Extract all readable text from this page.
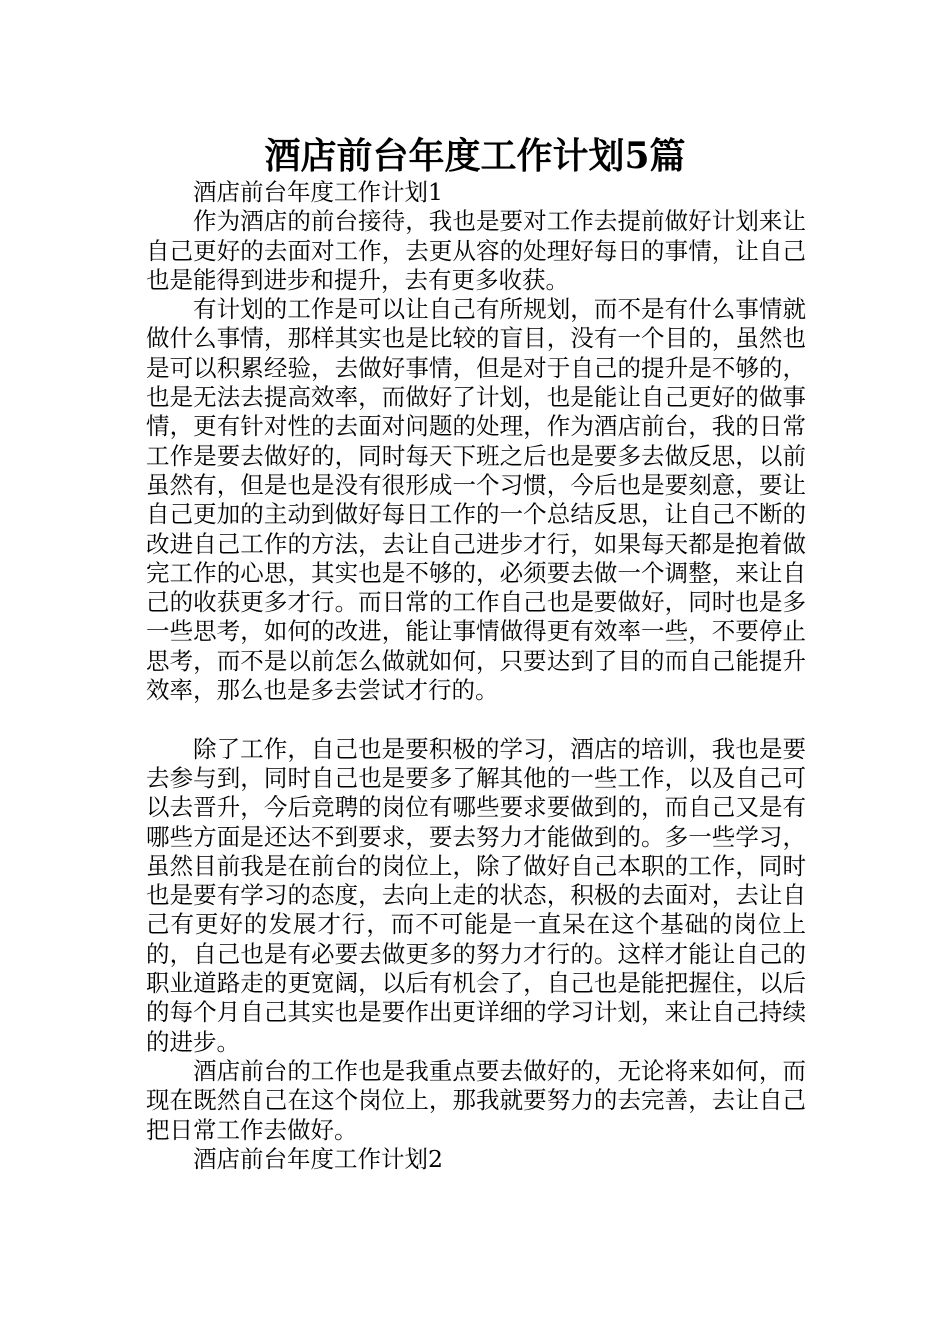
酒店前台年度工作计划5篇

酒店前台年度工作计划1

作为酒店的前台接待，我也是要对工作去提前做好计划来让自己更好的去面对工作，去更从容的处理好每日的事情，让自己也是能得到进步和提升，去有更多收获。

有计划的工作是可以让自己有所规划，而不是有什么事情就做什么事情，那样其实也是比较的盲目，没有一个目的，虽然也是可以积累经验，去做好事情，但是对于自己的提升是不够的，也是无法去提高效率，而做好了计划，也是能让自己更好的做事情，更有针对性的去面对问题的处理，作为酒店前台，我的日常工作是要去做好的，同时每天下班之后也是要多去做反思，以前虽然有，但是也是没有很形成一个习惯，今后也是要刻意，要让自己更加的主动到做好每日工作的一个总结反思，让自己不断的改进自己工作的方法，去让自己进步才行，如果每天都是抱着做完工作的心思，其实也是不够的，必须要去做一个调整，来让自己的收获更多才行。而日常的工作自己也是要做好，同时也是多一些思考，如何的改进，能让事情做得更有效率一些，不要停止思考，而不是以前怎么做就如何，只要达到了目的而自己能提升效率，那么也是多去尝试才行的。

除了工作，自己也是要积极的学习，酒店的培训，我也是要去参与到，同时自己也是要多了解其他的一些工作，以及自己可以去晋升，今后竞聘的岗位有哪些要求要做到的，而自己又是有哪些方面是还达不到要求，要去努力才能做到的。多一些学习，虽然目前我是在前台的岗位上，除了做好自己本职的工作，同时也是要有学习的态度，去向上走的状态，积极的去面对，去让自己有更好的发展才行，而不可能是一直呆在这个基础的岗位上的，自己也是有必要去做更多的努力才行的。这样才能让自己的职业道路走的更宽阔，以后有机会了，自己也是能把握住，以后的每个月自己其实也是要作出更详细的学习计划，来让自己持续的进步。

酒店前台的工作也是我重点要去做好的，无论将来如何，而现在既然自己在这个岗位上，那我就要努力的去完善，去让自己把日常工作去做好。

酒店前台年度工作计划2
